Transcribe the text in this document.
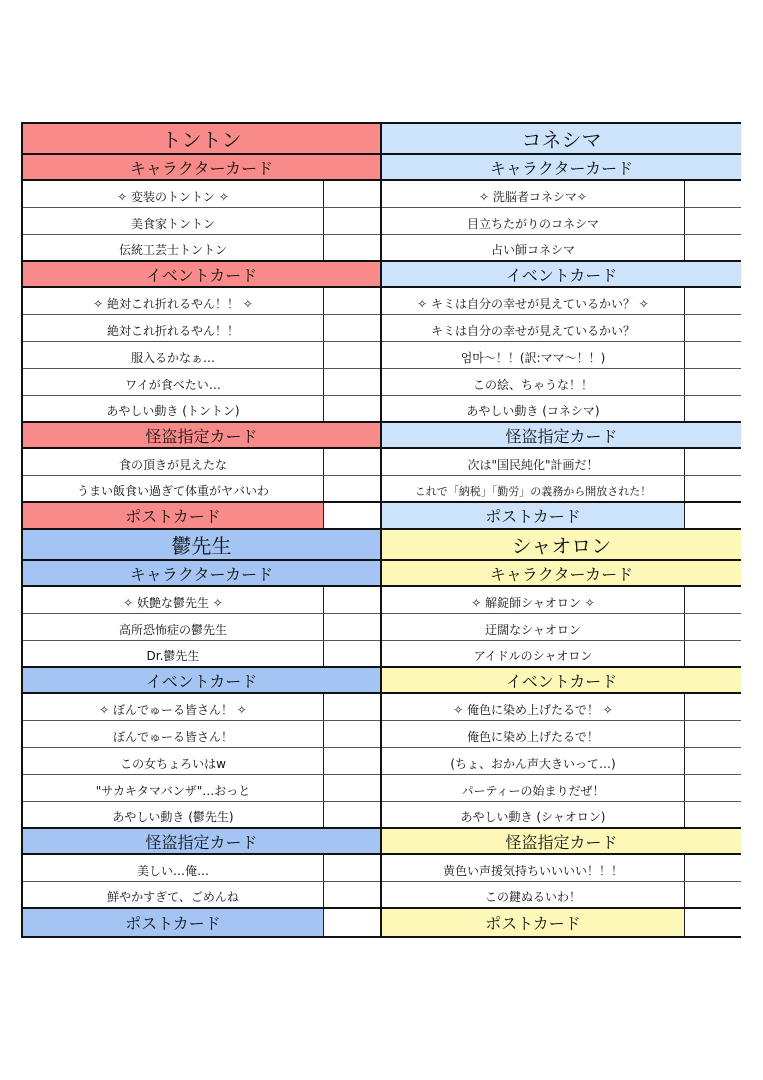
トントン
キャラクターカード
✧ 変装のトントン ✧
美食家トントン
伝統工芸士トントン
イベントカード
✧ 絶対これ折れるやん！！ ✧
絶対これ折れるやん！！
服入るかなぁ…
ワイが食べたい…
あやしい動き (トントン)
怪盗指定カード
食の頂きが見えたな
うまい飯食い過ぎて体重がヤバいわ
ポストカード
コネシマ
キャラクターカード
✧ 洗脳者コネシマ✧
目立ちたがりのコネシマ
占い師コネシマ
イベントカード
✧ キミは自分の幸せが見えているかい？ ✧
キミは自分の幸せが見えているかい？
엄마～！！(訳:ママ～！！)
この絵、ちゃうな！！
あやしい動き (コネシマ)
怪盗指定カード
次は"国民純化"計画だ！
これで「納税」「勤労」の義務から開放された！
ポストカード
鬱先生
キャラクターカード
✧ 妖艶な鬱先生 ✧
高所恐怖症の鬱先生
Dr.鬱先生
イベントカード
✧ ぼんでゅーる皆さん！ ✧
ぼんでゅーる皆さん！
この女ちょろいはw
"サカキタマバンザ"…おっと
あやしい動き (鬱先生)
怪盗指定カード
美しい…俺…
鮮やかすぎて、ごめんね
ポストカード
シャオロン
キャラクターカード
✧ 解錠師シャオロン ✧
迂闊なシャオロン
アイドルのシャオロン
イベントカード
✧ 俺色に染め上げたるで！ ✧
俺色に染め上げたるで！
(ちょ、おかん声大きいって…)
パーティーの始まりだぜ！
あやしい動き (シャオロン)
怪盗指定カード
黄色い声援気持ちいいいい！！！
この鍵ぬるいわ！
ポストカード
